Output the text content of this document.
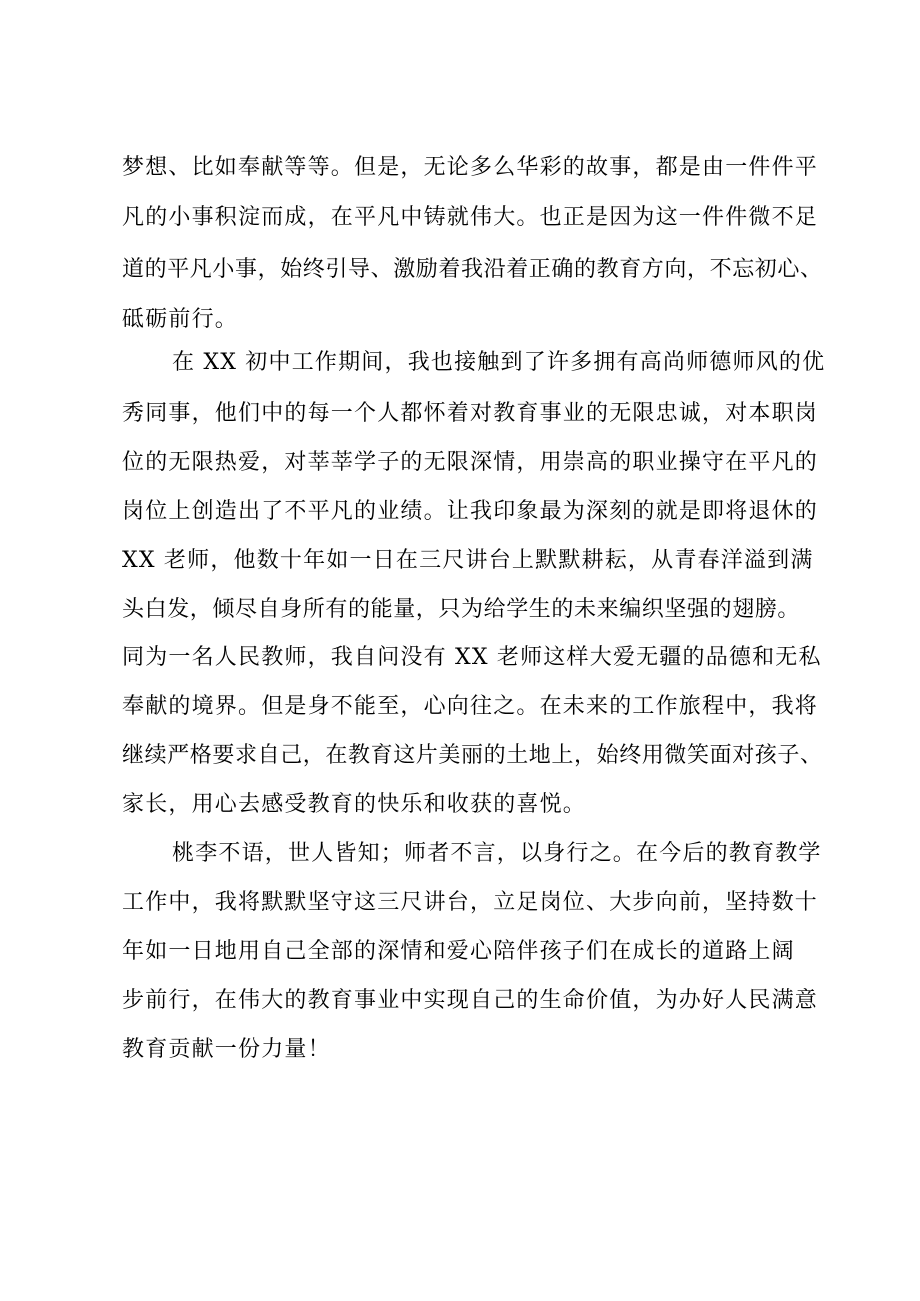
梦想、比如奉献等等。但是，无论多么华彩的故事，都是由一件件平
凡的小事积淀而成，在平凡中铸就伟大。也正是因为这一件件微不足
道的平凡小事，始终引导、激励着我沿着正确的教育方向，不忘初心、
砥砺前行。
在 XX 初中工作期间，我也接触到了许多拥有高尚师德师风的优
秀同事，他们中的每一个人都怀着对教育事业的无限忠诚，对本职岗
位的无限热爱，对莘莘学子的无限深情，用崇高的职业操守在平凡的
岗位上创造出了不平凡的业绩。让我印象最为深刻的就是即将退休的
XX 老师，他数十年如一日在三尺讲台上默默耕耘，从青春洋溢到满
头白发，倾尽自身所有的能量，只为给学生的未来编织坚强的翅膀。
同为一名人民教师，我自问没有 XX 老师这样大爱无疆的品德和无私
奉献的境界。但是身不能至，心向往之。在未来的工作旅程中，我将
继续严格要求自己，在教育这片美丽的土地上，始终用微笑面对孩子、
家长，用心去感受教育的快乐和收获的喜悦。
桃李不语，世人皆知；师者不言，以身行之。在今后的教育教学
工作中，我将默默坚守这三尺讲台，立足岗位、大步向前，坚持数十
年如一日地用自己全部的深情和爱心陪伴孩子们在成长的道路上阔
步前行，在伟大的教育事业中实现自己的生命价值，为办好人民满意
教育贡献一份力量！
